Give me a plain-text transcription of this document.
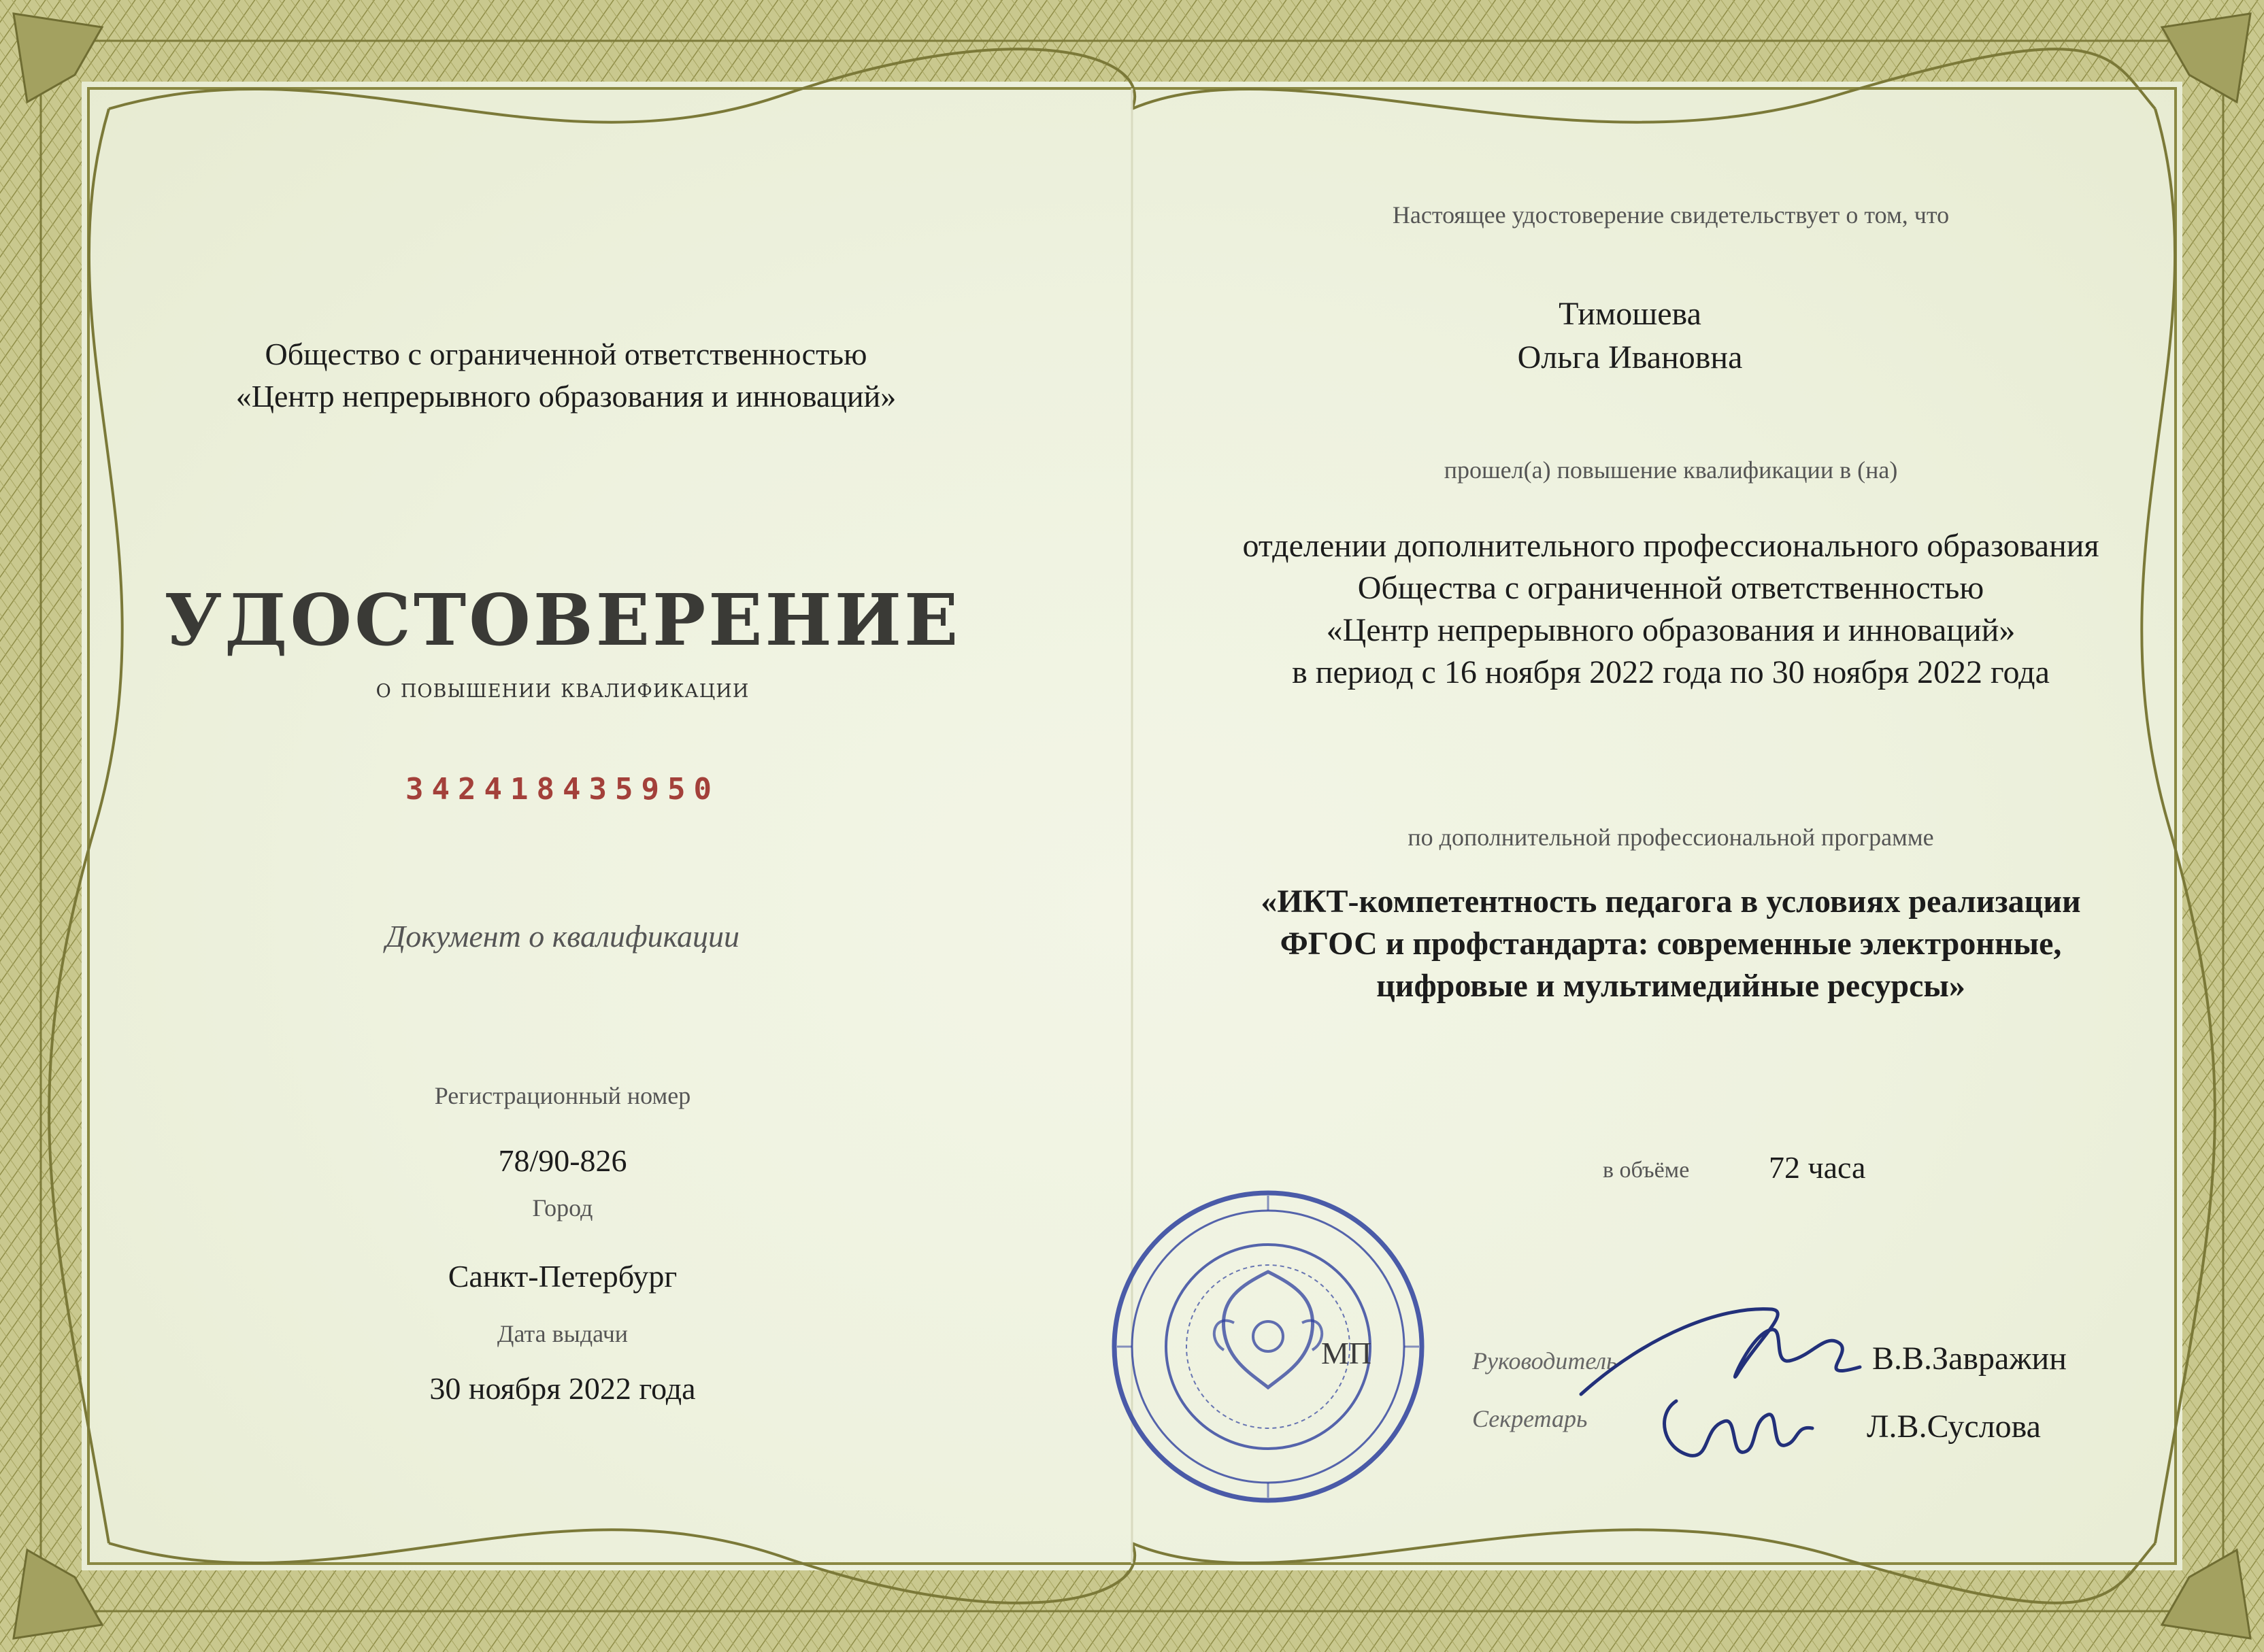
Общество с ограниченной ответственностью
«Центр непрерывного образования и инноваций»
УДОСТОВЕРЕНИЕ
о повышении квалификации
342418435950
Документ о квалификации
Регистрационный номер
78/90-826
Город
Санкт-Петербург
Дата выдачи
30 ноября 2022 года
Настоящее удостоверение свидетельствует о том, что
Тимошева
Ольга Ивановна
прошел(а) повышение квалификации в (на)
отделении дополнительного профессионального образования
Общества с ограниченной ответственностью
«Центр непрерывного образования и инноваций»
в период с 16 ноября 2022 года по 30 ноября 2022 года
по дополнительной профессиональной программе
«ИКТ-компетентность педагога в условиях реализации
ФГОС и профстандарта: современные электронные,
цифровые и мультимедийные ресурсы»
в объёме	72 часа
МП	Руководитель	В.В.Завражин
Секретарь	Л.В.Суслова
